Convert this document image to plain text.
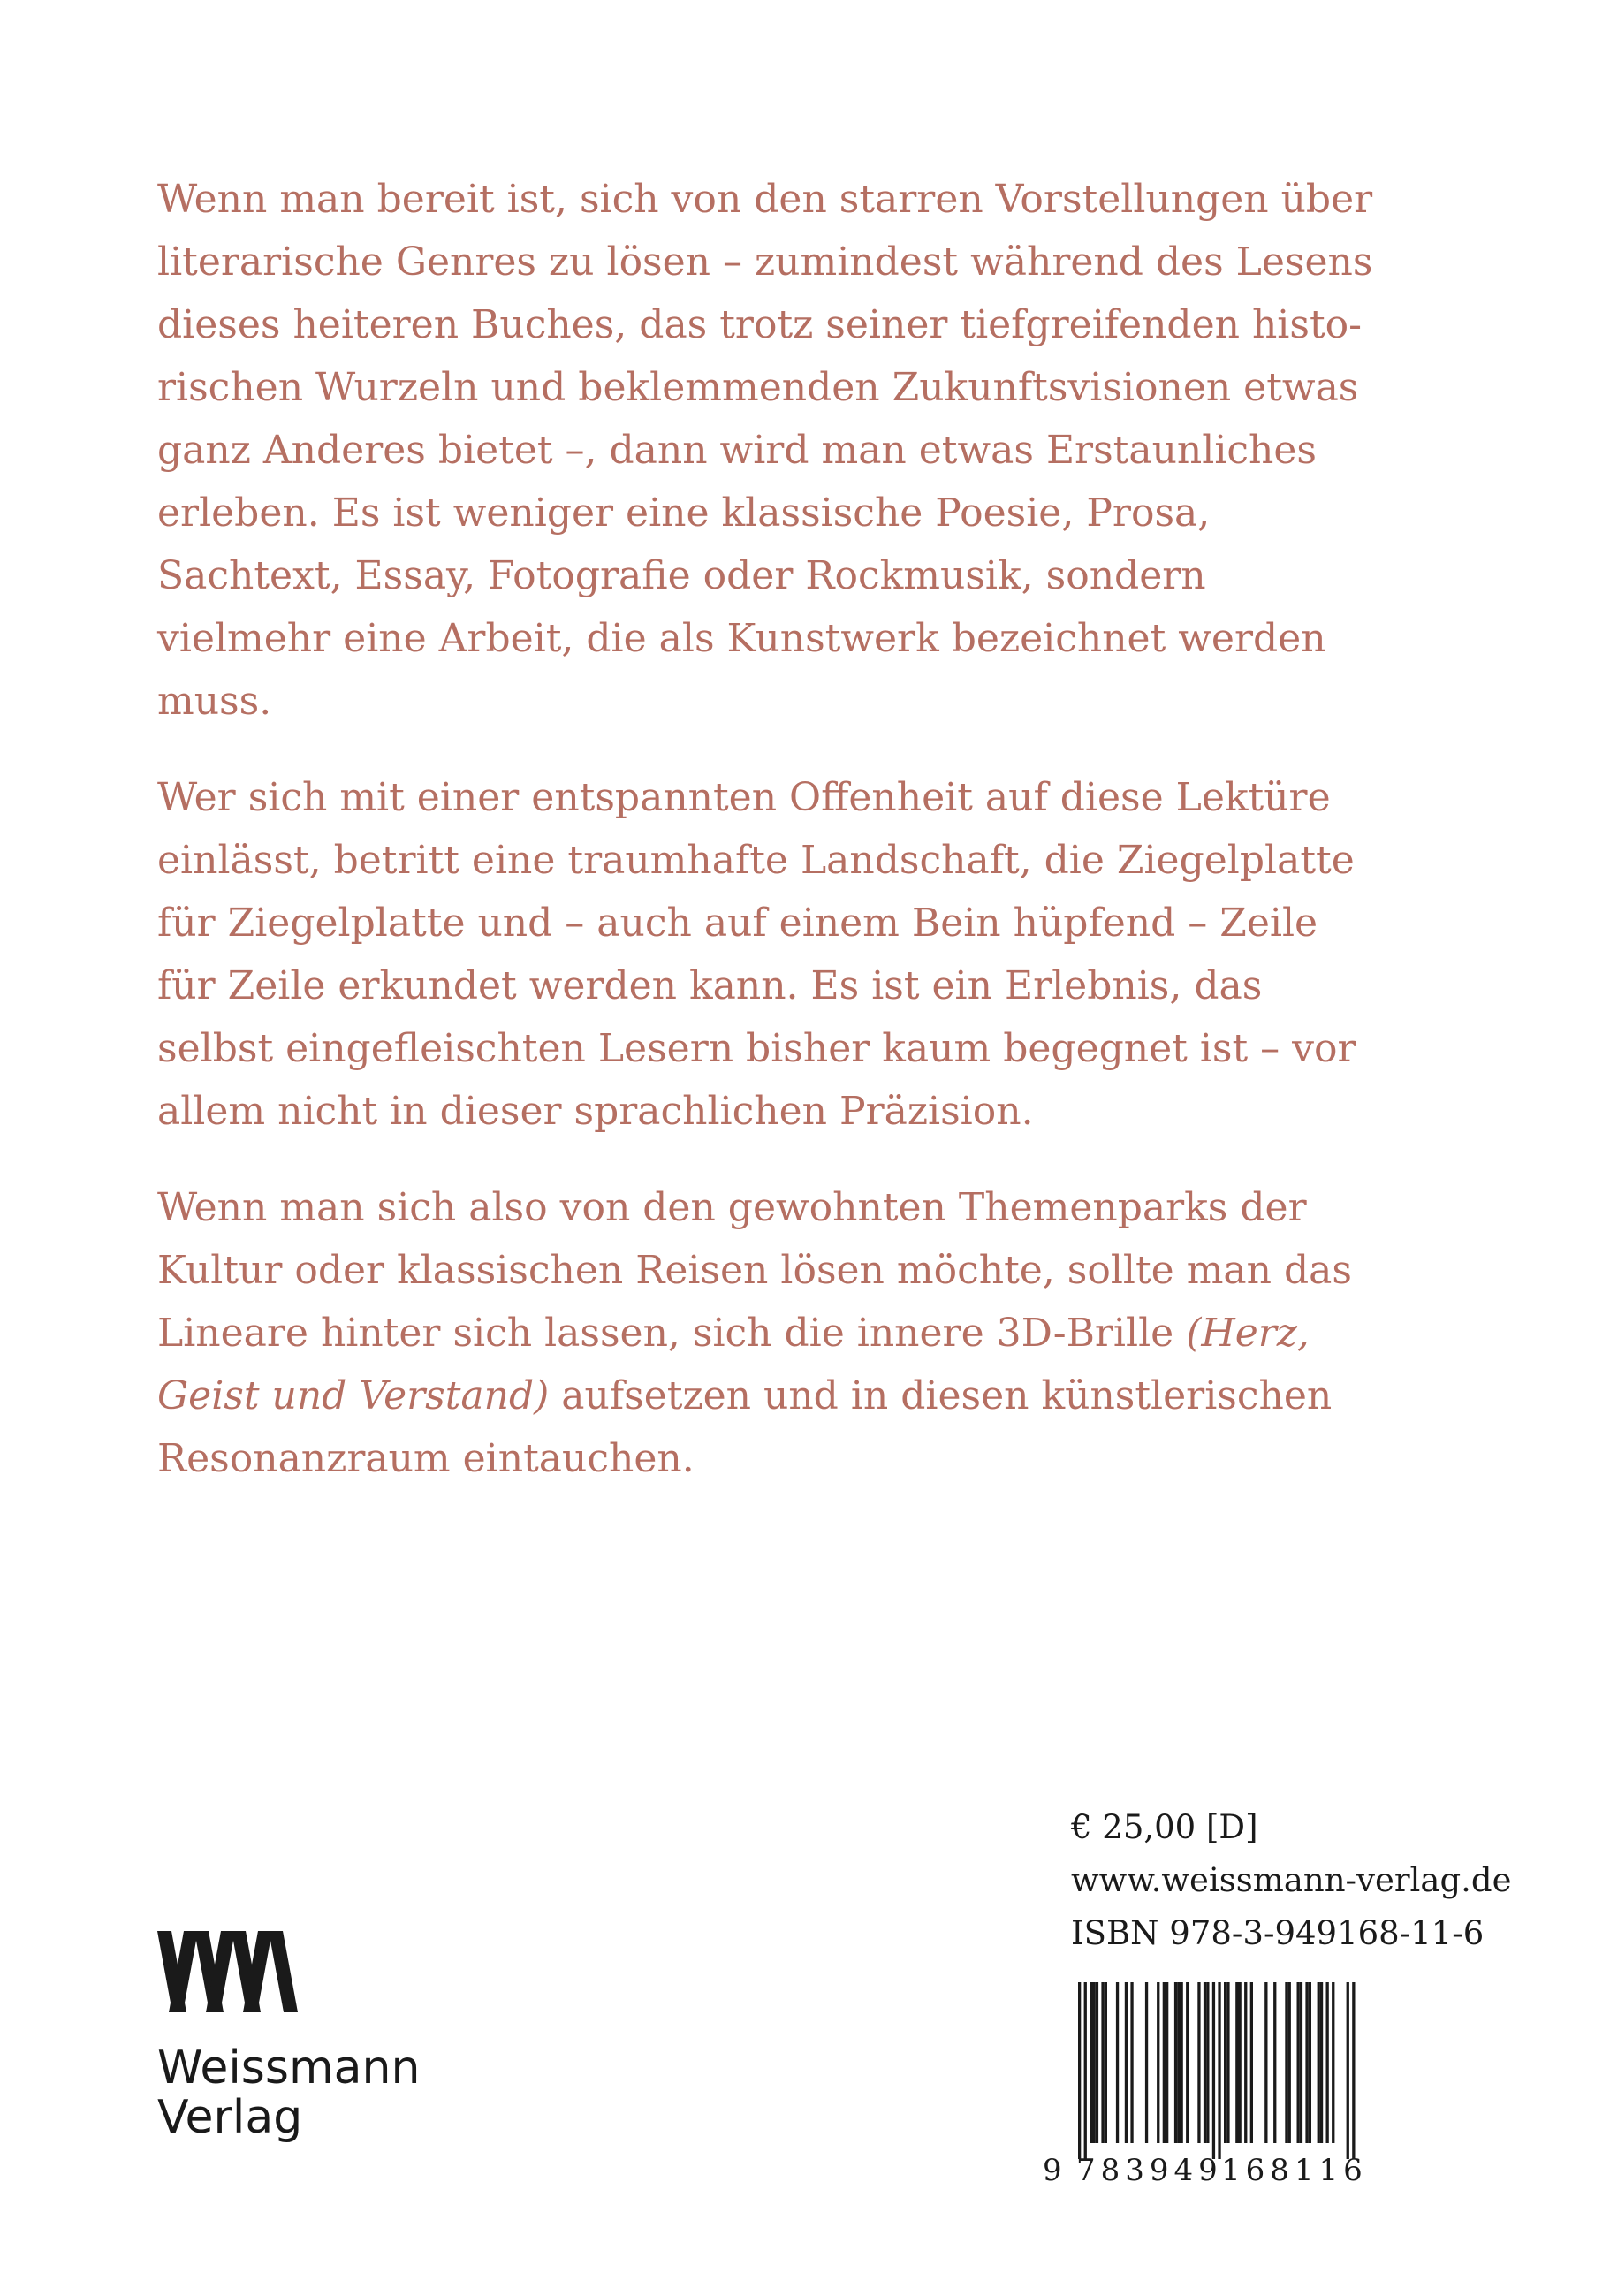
Wenn man bereit ist, sich von den starren Vorstellungen über literarische Genres zu lösen – zumindest während des Lesens dieses heiteren Buches, das trotz seiner tiefgreifenden historischen Wurzeln und beklemmenden Zukunftsvisionen etwas ganz Anderes bietet –, dann wird man etwas Erstaunliches erleben. Es ist weniger eine klassische Poesie, Prosa, Sachtext, Essay, Fotografie oder Rockmusik, sondern vielmehr eine Arbeit, die als Kunstwerk bezeichnet werden muss.

Wer sich mit einer entspannten Offenheit auf diese Lektüre einlässt, betritt eine traumhafte Landschaft, die Ziegelplatte für Ziegelplatte und – auch auf einem Bein hüpfend – Zeile für Zeile erkundet werden kann. Es ist ein Erlebnis, das selbst eingefleischten Lesern bisher kaum begegnet ist – vor allem nicht in dieser sprachlichen Präzision.

Wenn man sich also von den gewohnten Themenparks der Kultur oder klassischen Reisen lösen möchte, sollte man das Lineare hinter sich lassen, sich die innere 3D-Brille (Herz, Geist und Verstand) aufsetzen und in diesen künstlerischen Resonanzraum eintauchen.

Weissmann
Verlag
€ 25,00 [D]
www.weissmann-verlag.de
ISBN 978-3-949168-11-6
9 783949
168116
